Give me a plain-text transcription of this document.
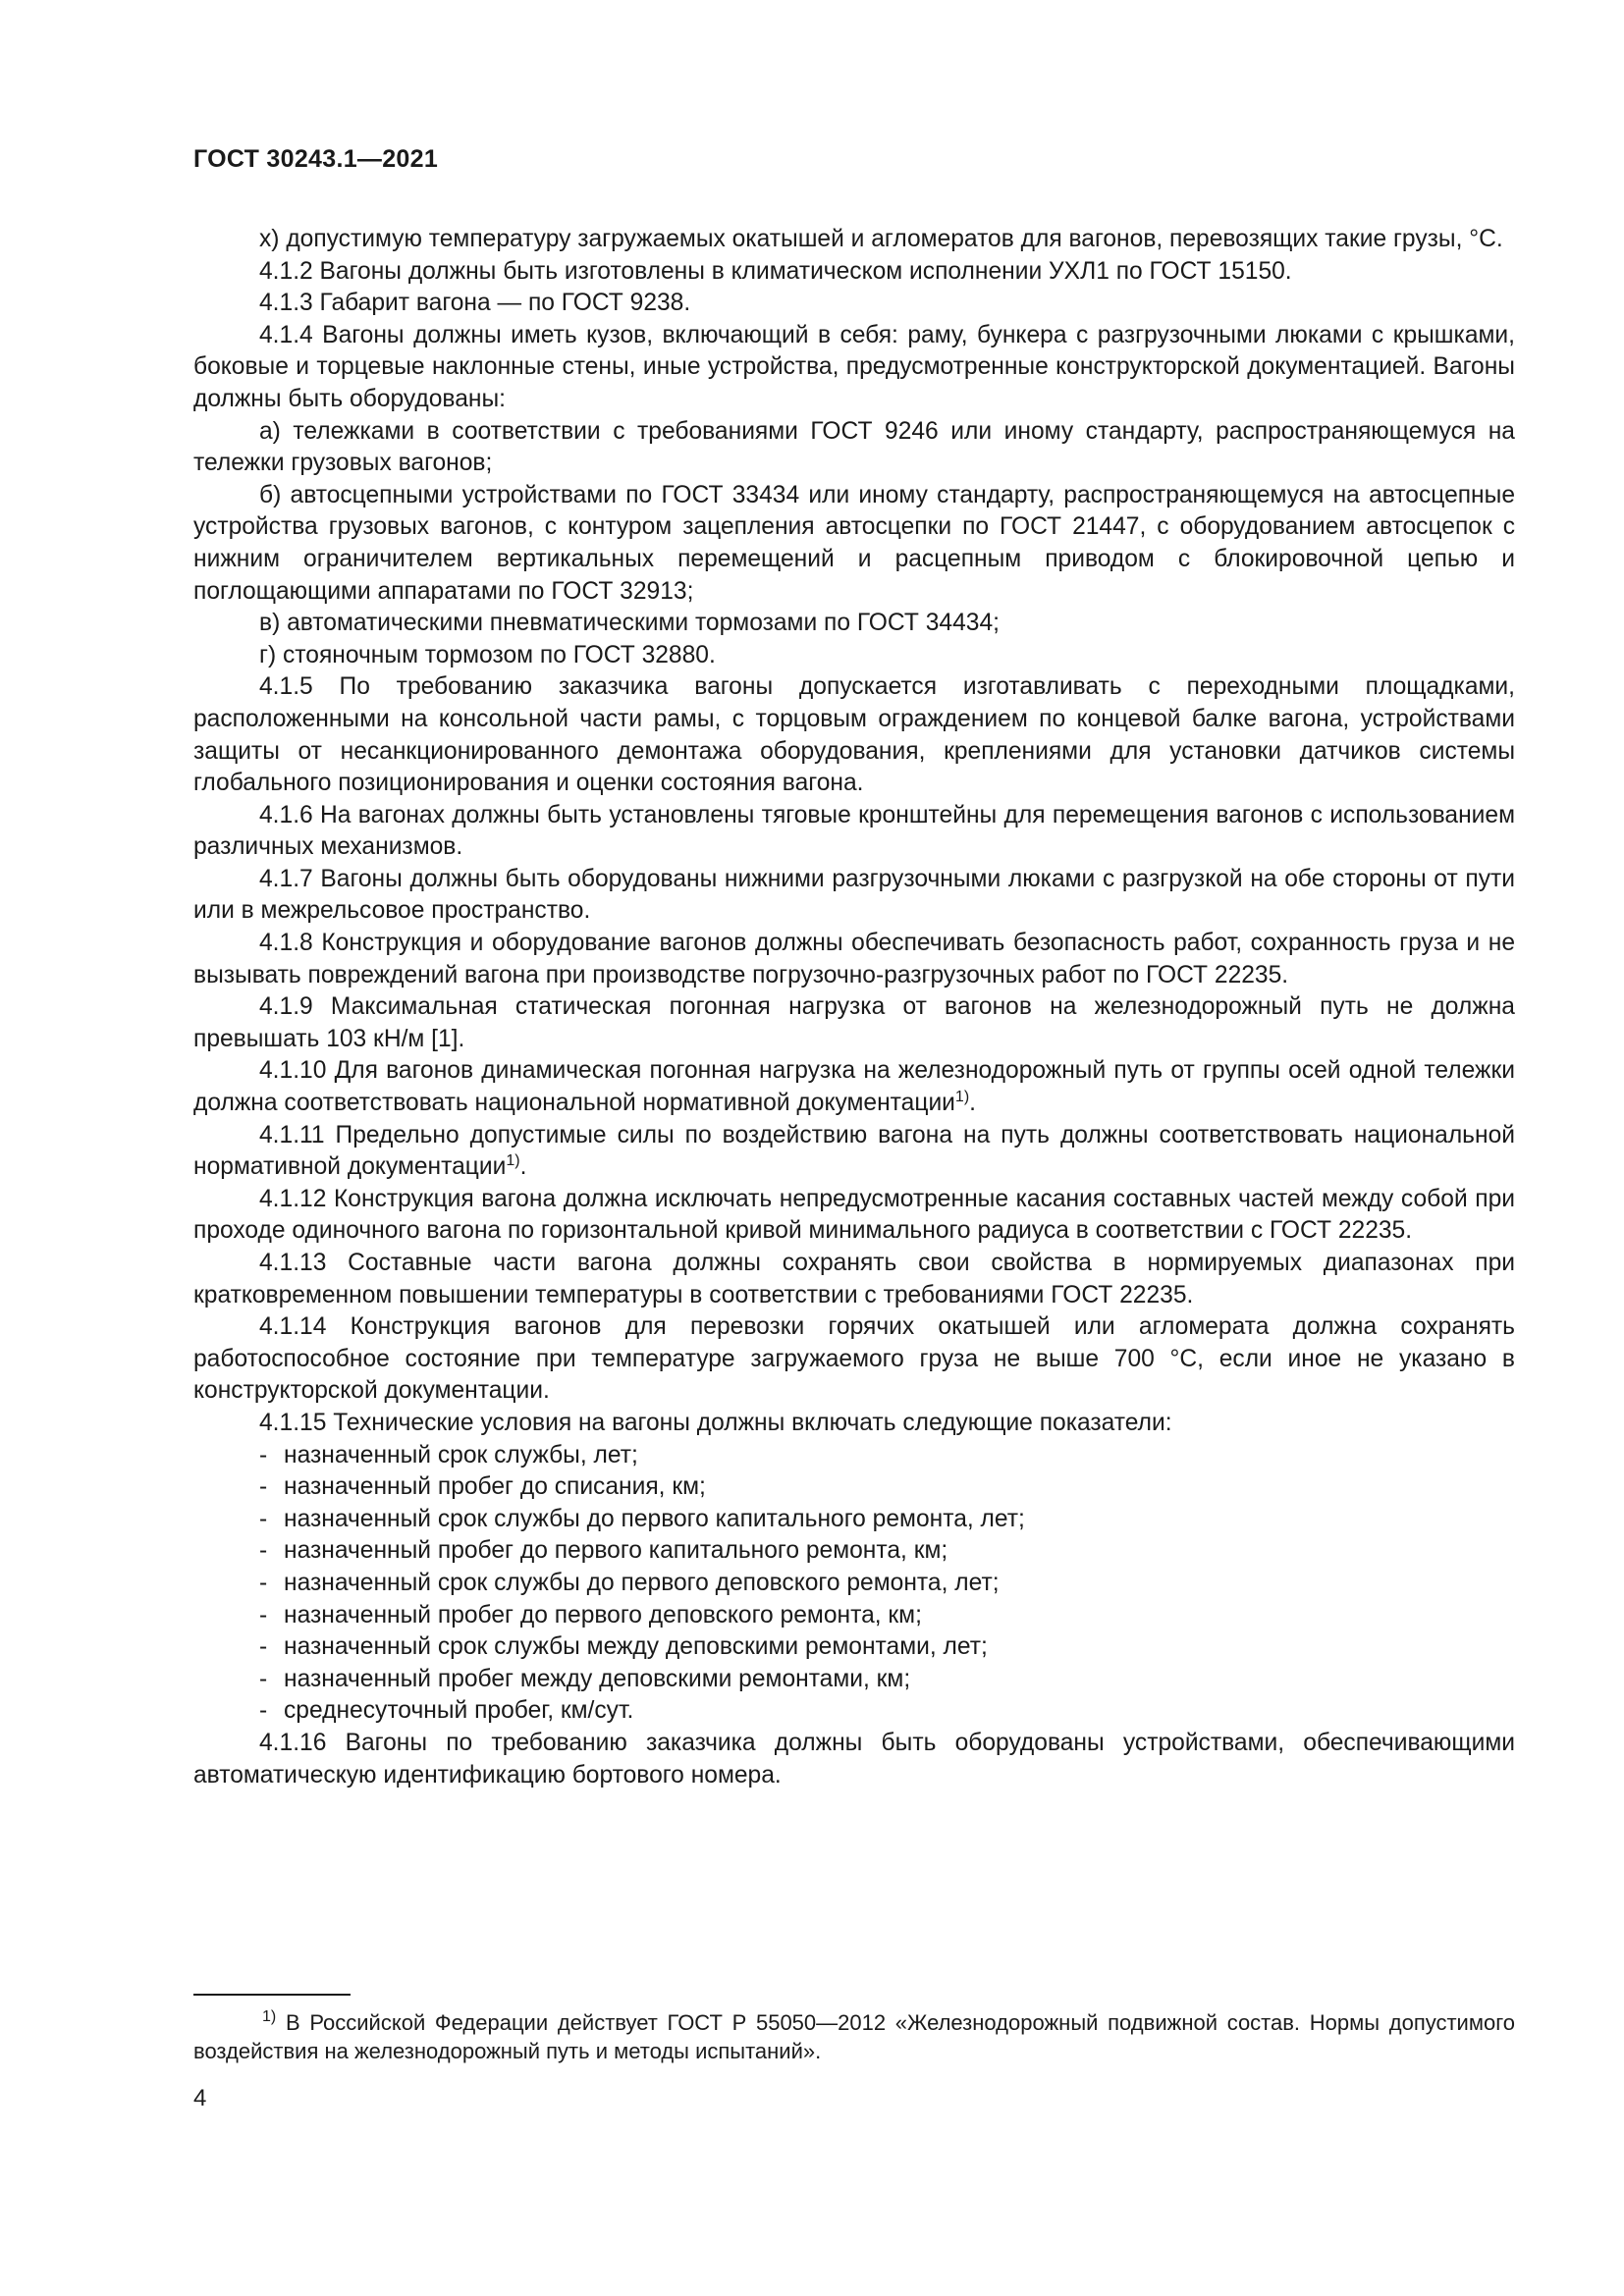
ГОСТ 30243.1—2021

х) допустимую температуру загружаемых окатышей и агломератов для вагонов, перевозящих такие грузы, °С.

4.1.2 Вагоны должны быть изготовлены в климатическом исполнении УХЛ1 по ГОСТ 15150.

4.1.3 Габарит вагона — по ГОСТ 9238.

4.1.4 Вагоны должны иметь кузов, включающий в себя: раму, бункера с разгрузочными люками с крышками, боковые и торцевые наклонные стены, иные устройства, предусмотренные конструкторской документацией. Вагоны должны быть оборудованы:

а) тележками в соответствии с требованиями ГОСТ 9246 или иному стандарту, распространяющемуся на тележки грузовых вагонов;

б) автосцепными устройствами по ГОСТ 33434 или иному стандарту, распространяющемуся на автосцепные устройства грузовых вагонов, с контуром зацепления автосцепки по ГОСТ 21447, с оборудованием автосцепок с нижним ограничителем вертикальных перемещений и расцепным приводом с блокировочной цепью и поглощающими аппаратами по ГОСТ 32913;

в) автоматическими пневматическими тормозами по ГОСТ 34434;

г) стояночным тормозом по ГОСТ 32880.

4.1.5 По требованию заказчика вагоны допускается изготавливать с переходными площадками, расположенными на консольной части рамы, с торцовым ограждением по концевой балке вагона, устройствами защиты от несанкционированного демонтажа оборудования, креплениями для установки датчиков системы глобального позиционирования и оценки состояния вагона.

4.1.6 На вагонах должны быть установлены тяговые кронштейны для перемещения вагонов с использованием различных механизмов.

4.1.7 Вагоны должны быть оборудованы нижними разгрузочными люками с разгрузкой на обе стороны от пути или в межрельсовое пространство.

4.1.8 Конструкция и оборудование вагонов должны обеспечивать безопасность работ, сохранность груза и не вызывать повреждений вагона при производстве погрузочно-разгрузочных работ по ГОСТ 22235.

4.1.9 Максимальная статическая погонная нагрузка от вагонов на железнодорожный путь не должна превышать 103 кН/м [1].

4.1.10 Для вагонов динамическая погонная нагрузка на железнодорожный путь от группы осей одной тележки должна соответствовать национальной нормативной документации$^{1)}$.

4.1.11 Предельно допустимые силы по воздействию вагона на путь должны соответствовать национальной нормативной документации$^{1)}$.

4.1.12 Конструкция вагона должна исключать непредусмотренные касания составных частей между собой при проходе одиночного вагона по горизонтальной кривой минимального радиуса в соответствии с ГОСТ 22235.

4.1.13 Составные части вагона должны сохранять свои свойства в нормируемых диапазонах при кратковременном повышении температуры в соответствии с требованиями ГОСТ 22235.

4.1.14 Конструкция вагонов для перевозки горячих окатышей или агломерата должна сохранять работоспособное состояние при температуре загружаемого груза не выше 700 °С, если иное не указано в конструкторской документации.

4.1.15 Технические условия на вагоны должны включать следующие показатели:

- назначенный срок службы, лет;
- назначенный пробег до списания, км;
- назначенный срок службы до первого капитального ремонта, лет;
- назначенный пробег до первого капитального ремонта, км;
- назначенный срок службы до первого деповского ремонта, лет;
- назначенный пробег до первого деповского ремонта, км;
- назначенный срок службы между деповскими ремонтами, лет;
- назначенный пробег между деповскими ремонтами, км;
- среднесуточный пробег, км/сут.

4.1.16 Вагоны по требованию заказчика должны быть оборудованы устройствами, обеспечивающими автоматическую идентификацию бортового номера.

$^{1)}$ В Российской Федерации действует ГОСТ Р 55050—2012 «Железнодорожный подвижной состав. Нормы допустимого воздействия на железнодорожный путь и методы испытаний».

4
